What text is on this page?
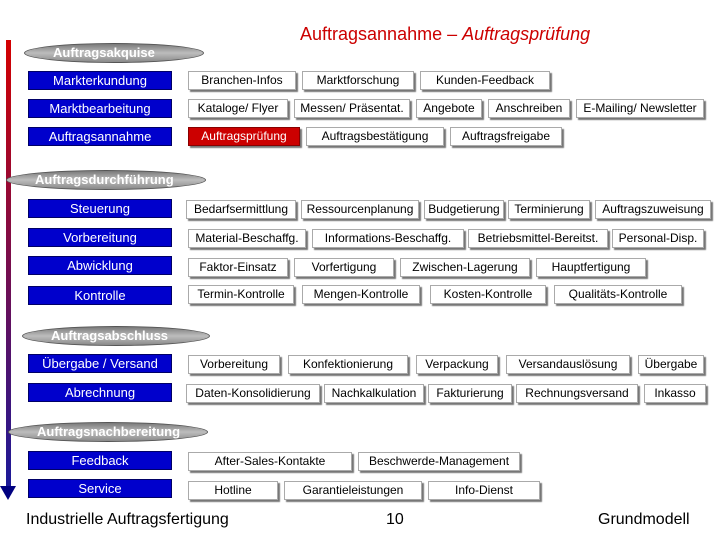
Auftragsannahme – Auftragsprüfung
Auftragsakquise
Auftragsdurchführung
Auftragsabschluss
Auftragsnachbereitung
Markterkundung	Branchen-Infos	Marktforschung	Kunden-Feedback
Marktbearbeitung	Kataloge/ Flyer	Messen/ Präsentat.	Angebote	Anschreiben	E-Mailing/ Newsletter
Auftragsannahme	Auftragsprüfung	Auftragsbestätigung	Auftragsfreigabe
Steuerung	Bedarfsermittlung	Ressourcenplanung	Budgetierung	Terminierung	Auftragszuweisung
Vorbereitung	Material-Beschaffg.	Informations-Beschaffg.	Betriebsmittel-Bereitst.	Personal-Disp.
Abwicklung	Faktor-Einsatz	Vorfertigung	Zwischen-Lagerung	Hauptfertigung
Kontrolle	Termin-Kontrolle	Mengen-Kontrolle	Kosten-Kontrolle	Qualitäts-Kontrolle
Übergabe / Versand	Vorbereitung	Konfektionierung	Verpackung	Versandauslösung	Übergabe
Abrechnung	Daten-Konsolidierung	Nachkalkulation	Fakturierung	Rechnungsversand	Inkasso
Feedback	After-Sales-Kontakte	Beschwerde-Management
Service	Hotline	Garantieleistungen	Info-Dienst
Industrielle Auftragsfertigung	10	Grundmodell
